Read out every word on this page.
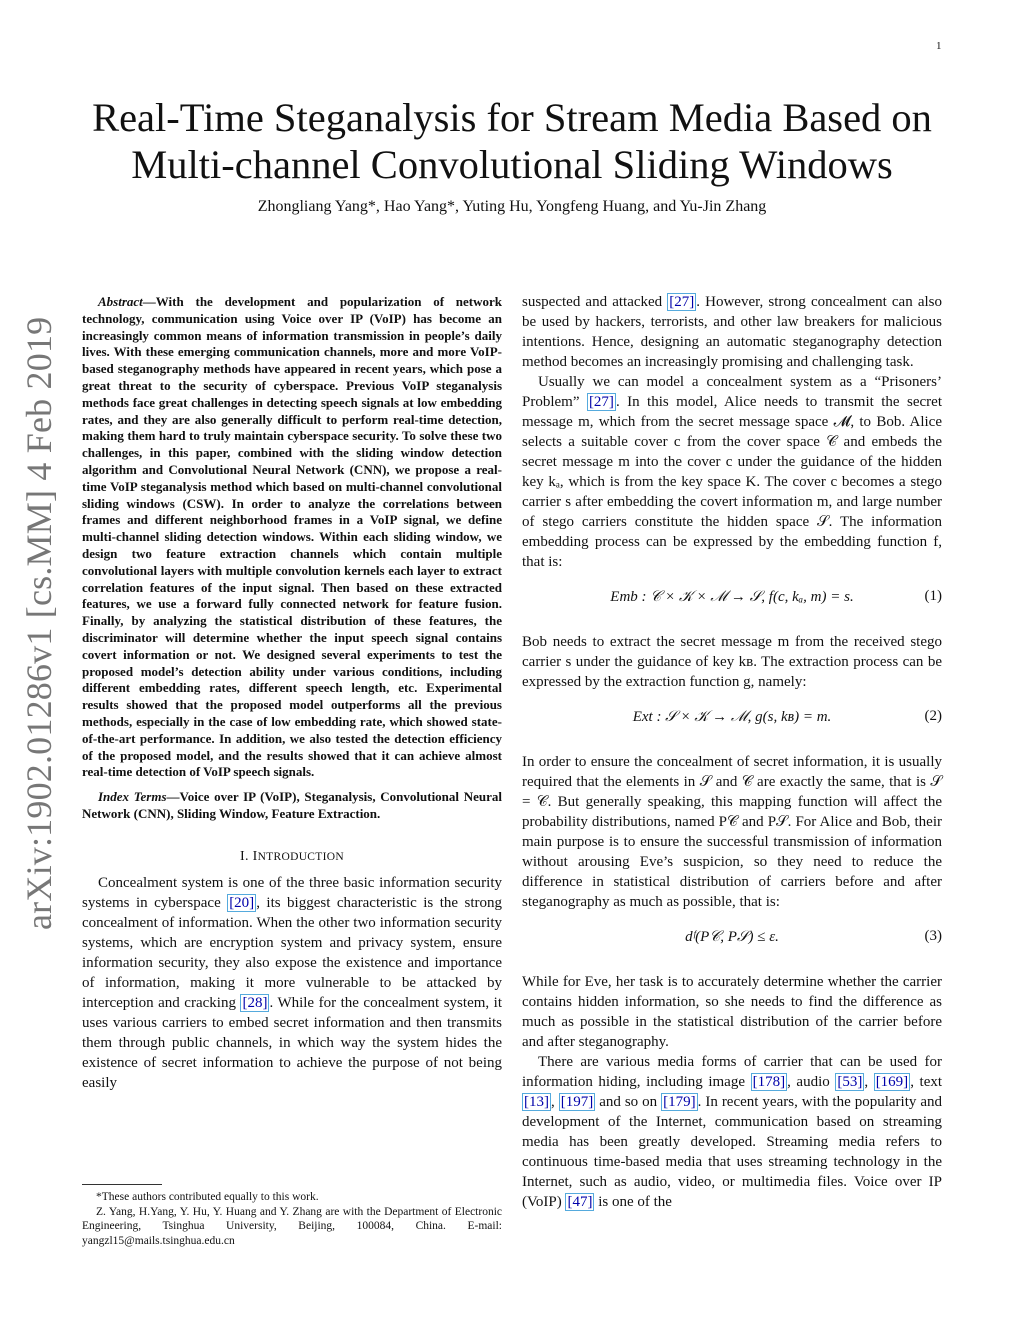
1
arXiv:1902.01286v1 [cs.MM] 4 Feb 2019
Real-Time Steganalysis for Stream Media Based on
Multi-channel Convolutional Sliding Windows
Zhongliang Yang*, Hao Yang*, Yuting Hu, Yongfeng Huang, and Yu-Jin Zhang

Abstract—With the development and popularization of network technology, communication using Voice over IP (VoIP) has become an increasingly common means of information transmission in people’s daily lives. With these emerging communication channels, more and more VoIP-based steganography methods have appeared in recent years, which pose a great threat to the security of cyberspace. Previous VoIP steganalysis methods face great challenges in detecting speech signals at low embedding rates, and they are also generally difficult to perform real-time detection, making them hard to truly maintain cyberspace security. To solve these two challenges, in this paper, combined with the sliding window detection algorithm and Convolutional Neural Network (CNN), we propose a real-time VoIP steganalysis method which based on multi-channel convolutional sliding windows (CSW). In order to analyze the correlations between frames and different neighborhood frames in a VoIP signal, we define multi-channel sliding detection windows. Within each sliding window, we design two feature extraction channels which contain multiple convolutional layers with multiple convolution kernels each layer to extract correlation features of the input signal. Then based on these extracted features, we use a forward fully connected network for feature fusion. Finally, by analyzing the statistical distribution of these features, the discriminator will determine whether the input speech signal contains covert information or not. We designed several experiments to test the proposed model’s detection ability under various conditions, including different embedding rates, different speech length, etc. Experimental results showed that the proposed model outperforms all the previous methods, especially in the case of low embedding rate, which showed state-of-the-art performance. In addition, we also tested the detection efficiency of the proposed model, and the results showed that it can achieve almost real-time detection of VoIP speech signals.

Index Terms—Voice over IP (VoIP), Steganalysis, Convolutional Neural Network (CNN), Sliding Window, Feature Extraction.

I. INTRODUCTION

Concealment system is one of the three basic information security systems in cyberspace [20] , its biggest characteristic is the strong concealment of information. When the other two information security systems, which are encryption system and privacy system, ensure information security, they also expose the existence and importance of information, making it more vulnerable to be attacked by interception and cracking [28] . While for the concealment system, it uses various carriers to embed secret information and then transmits them through public channels, in which way the system hides the existence of secret information to achieve the purpose of not being easily

*These authors contributed equally to this work.

Z. Yang, H.Yang, Y. Hu, Y. Huang and Y. Zhang are with the Department of Electronic Engineering, Tsinghua University, Beijing, 100084, China. E-mail: yangzl15@mails.tsinghua.edu.cn

suspected and attacked [27] . However, strong concealment can also be used by hackers, terrorists, and other law breakers for malicious intentions. Hence, designing an automatic steganography detection method becomes an increasingly promising and challenging task.

Usually we can model a concealment system as a “Prisoners’ Problem” [27] . In this model, Alice needs to transmit the secret message m, which from the secret message space 𝓜, to Bob. Alice selects a suitable cover c from the cover space 𝒞 and embeds the secret message m into the cover c under the guidance of the hidden key kₐ, which is from the key space K. The cover c becomes a stego carrier s after embedding the covert information m, and large number of stego carriers constitute the hidden space 𝒮. The information embedding process can be expressed by the embedding function f, that is:

Emb : 𝒞 × 𝒦 × ℳ → 𝒮, f(c, kₐ, m) = s.	(1)

Bob needs to extract the secret message m from the received stego carrier s under the guidance of key kʙ. The extraction process can be expressed by the extraction function g, namely:

Ext : 𝒮 × 𝒦 → ℳ, g(s, kʙ) = m.	(2)

In order to ensure the concealment of secret information, it is usually required that the elements in 𝒮 and 𝒞 are exactly the same, that is 𝒮 = 𝒞. But generally speaking, this mapping function will affect the probability distributions, named P𝒞 and P𝒮. For Alice and Bob, their main purpose is to ensure the successful transmission of information without arousing Eve’s suspicion, so they need to reduce the difference in statistical distribution of carriers before and after steganography as much as possible, that is:

dᶠ(P𝒞, P𝒮) ≤ ε.	(3)

While for Eve, her task is to accurately determine whether the carrier contains hidden information, so she needs to find the difference as much as possible in the statistical distribution of the carrier before and after steganography.

There are various media forms of carrier that can be used for information hiding, including image [178] , audio [53] , [169] , text [13] , [197] and so on [179] . In recent years, with the popularity and development of the Internet, communication based on streaming media has been greatly developed. Streaming media refers to continuous time-based media that uses streaming technology in the Internet, such as audio, video, or multimedia files. Voice over IP (VoIP) [47] is one of the
